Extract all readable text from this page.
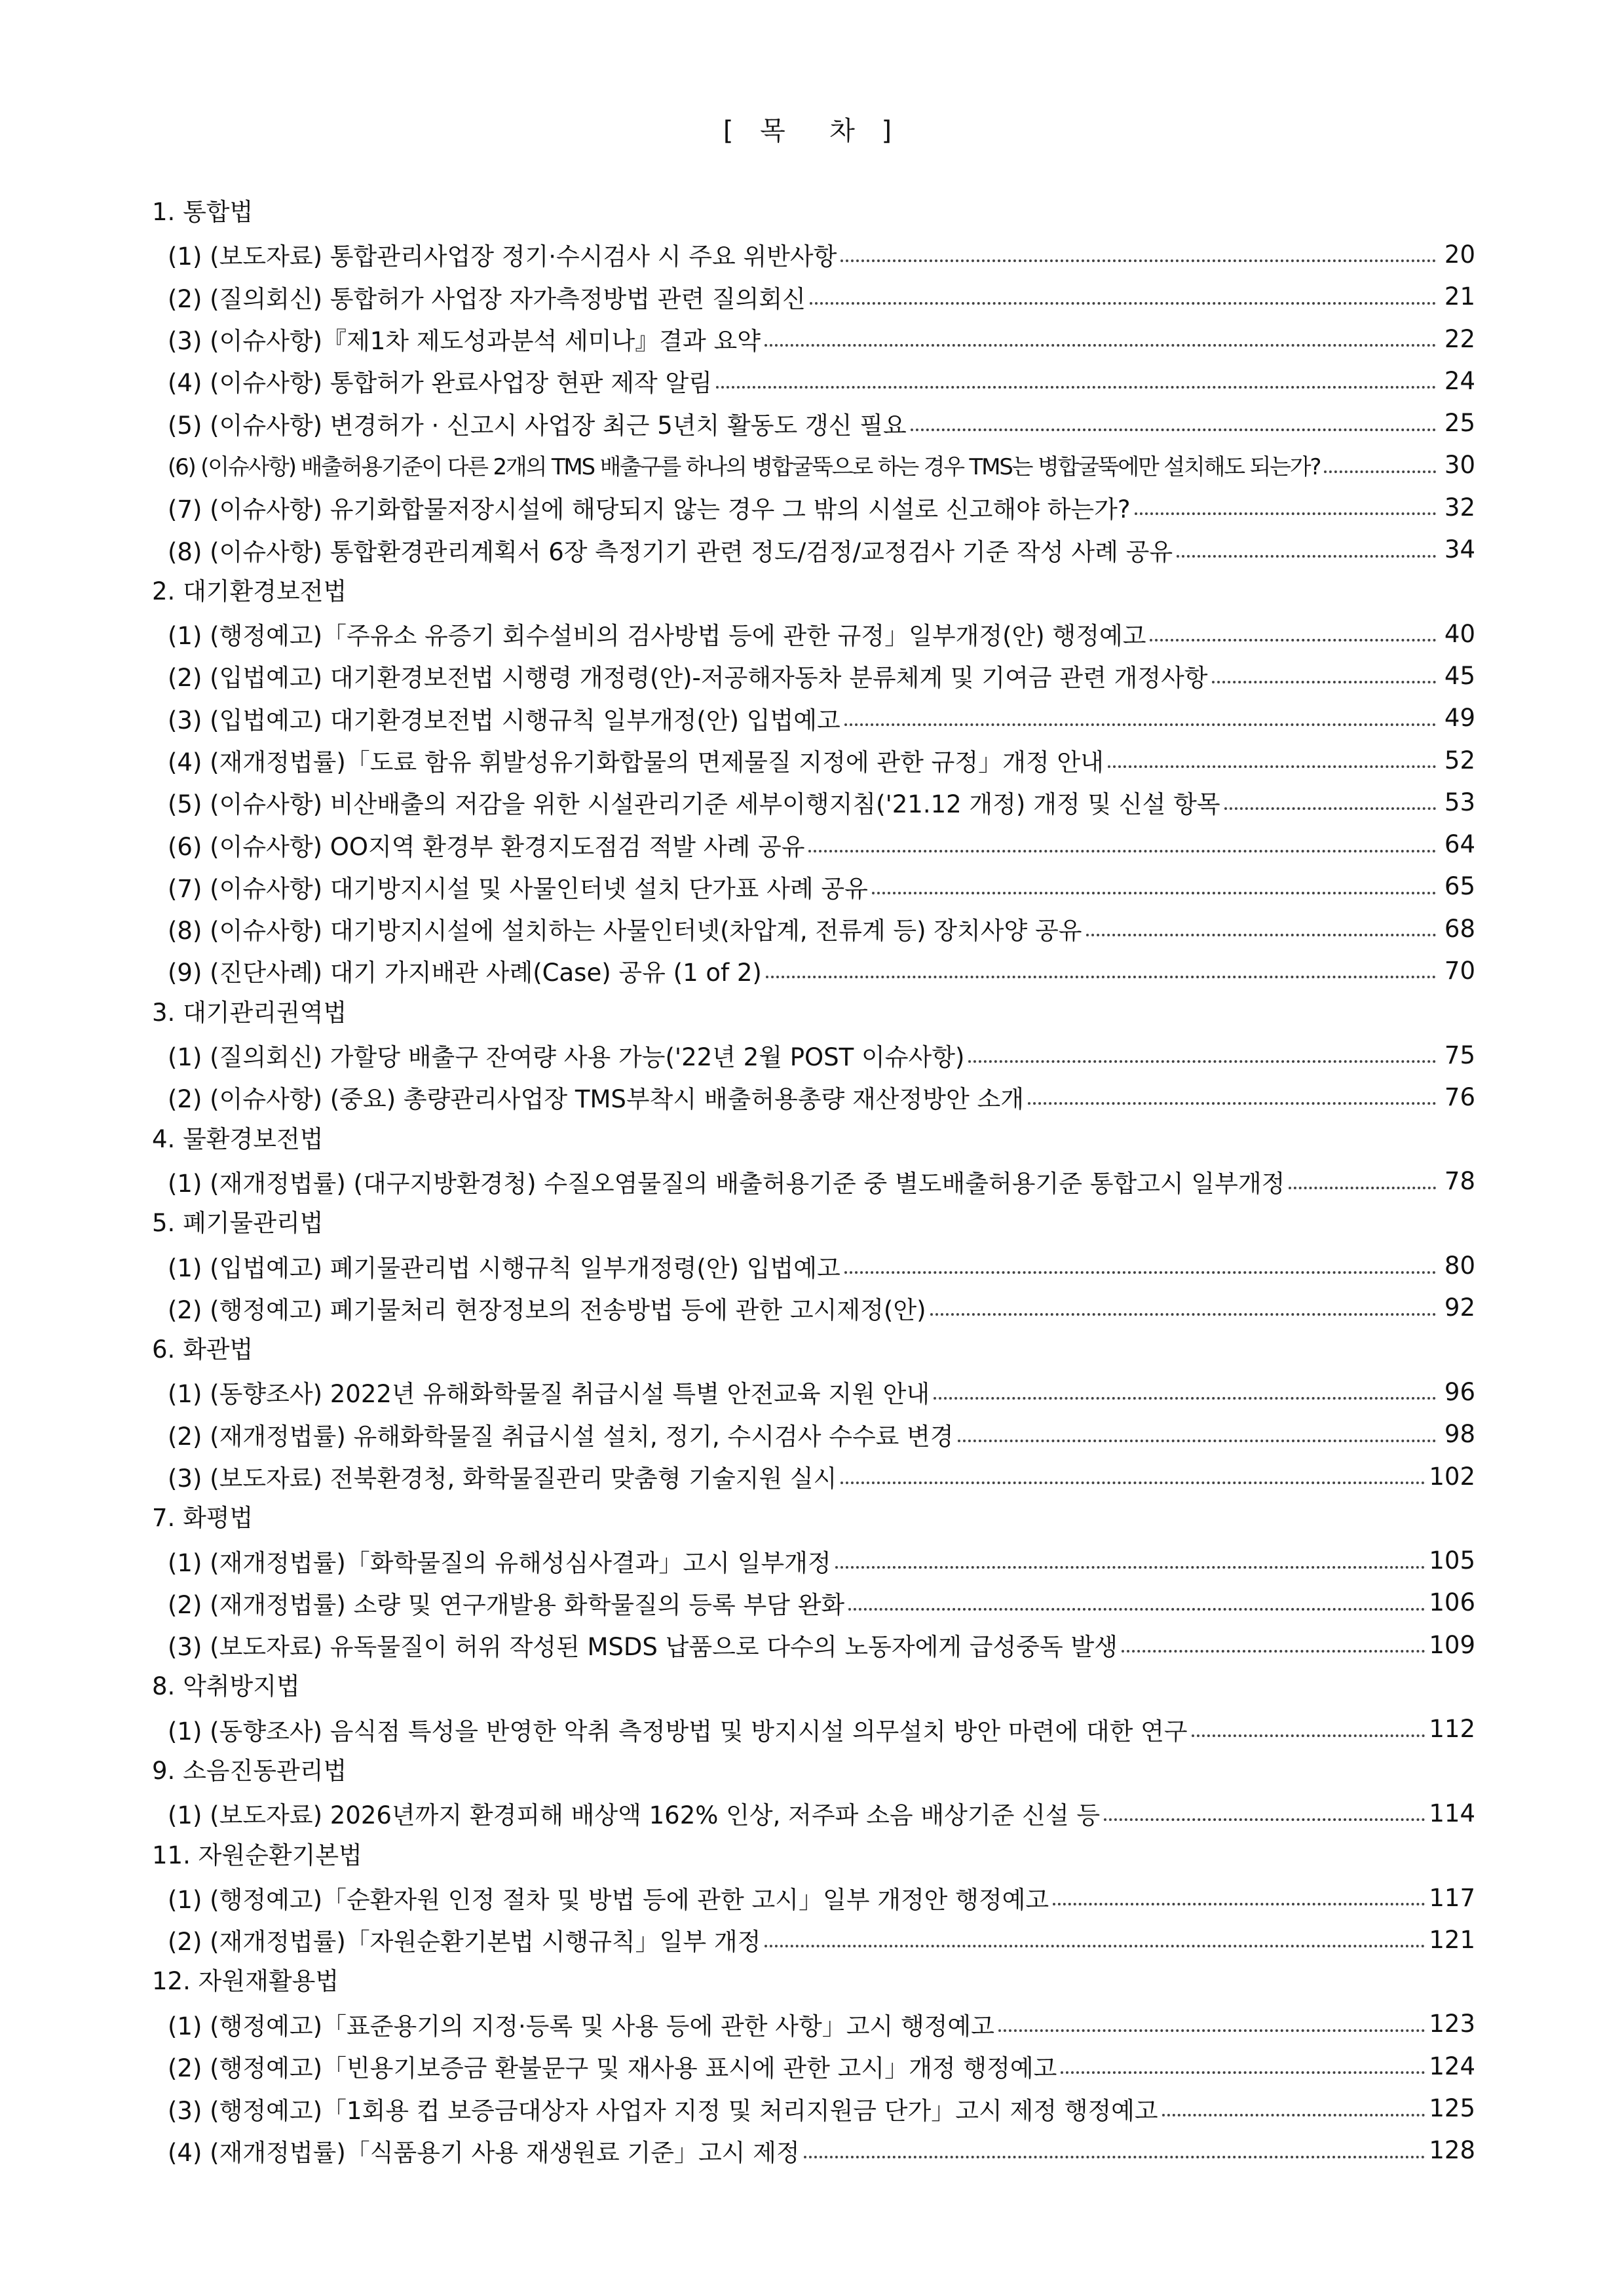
[ 목  차 ]
1. 통합법
(1) (보도자료) 통합관리사업장 정기·수시검사 시 주요 위반사항	20
(2) (질의회신) 통합허가 사업장 자가측정방법 관련 질의회신	21
(3) (이슈사항)『제1차 제도성과분석 세미나』결과 요약	22
(4) (이슈사항) 통합허가 완료사업장 현판 제작 알림	24
(5) (이슈사항) 변경허가 · 신고시 사업장 최근 5년치 활동도 갱신 필요	25
(6) (이슈사항) 배출허용기준이 다른 2개의 TMS 배출구를 하나의 병합굴뚝으로 하는 경우 TMS는 병합굴뚝에만 설치해도 되는가?	30
(7) (이슈사항) 유기화합물저장시설에 해당되지 않는 경우 그 밖의 시설로 신고해야 하는가?	32
(8) (이슈사항) 통합환경관리계획서 6장 측정기기 관련 정도/검정/교정검사 기준 작성 사례 공유	34
2. 대기환경보전법
(1) (행정예고)「주유소 유증기 회수설비의 검사방법 등에 관한 규정」일부개정(안) 행정예고	40
(2) (입법예고) 대기환경보전법 시행령 개정령(안)-저공해자동차 분류체계 및 기여금 관련 개정사항	45
(3) (입법예고) 대기환경보전법 시행규칙 일부개정(안) 입법예고	49
(4) (재개정법률)「도료 함유 휘발성유기화합물의 면제물질 지정에 관한 규정」개정 안내	52
(5) (이슈사항) 비산배출의 저감을 위한 시설관리기준 세부이행지침('21.12 개정) 개정 및 신설 항목	53
(6) (이슈사항) OO지역 환경부 환경지도점검 적발 사례 공유	64
(7) (이슈사항) 대기방지시설 및 사물인터넷 설치 단가표 사례 공유	65
(8) (이슈사항) 대기방지시설에 설치하는 사물인터넷(차압계, 전류계 등) 장치사양 공유	68
(9) (진단사례) 대기 가지배관 사례(Case) 공유 (1 of 2)	70
3. 대기관리권역법
(1) (질의회신) 가할당 배출구 잔여량 사용 가능('22년 2월 POST 이슈사항)	75
(2) (이슈사항) (중요) 총량관리사업장 TMS부착시 배출허용총량 재산정방안 소개	76
4. 물환경보전법
(1) (재개정법률) (대구지방환경청) 수질오염물질의 배출허용기준 중 별도배출허용기준 통합고시 일부개정	78
5. 폐기물관리법
(1) (입법예고) 폐기물관리법 시행규칙 일부개정령(안) 입법예고	80
(2) (행정예고) 폐기물처리 현장정보의 전송방법 등에 관한 고시제정(안)	92
6. 화관법
(1) (동향조사) 2022년 유해화학물질 취급시설 특별 안전교육 지원 안내	96
(2) (재개정법률) 유해화학물질 취급시설 설치, 정기, 수시검사 수수료 변경	98
(3) (보도자료) 전북환경청, 화학물질관리 맞춤형 기술지원 실시	102
7. 화평법
(1) (재개정법률)「화학물질의 유해성심사결과」고시 일부개정	105
(2) (재개정법률) 소량 및 연구개발용 화학물질의 등록 부담 완화	106
(3) (보도자료) 유독물질이 허위 작성된 MSDS 납품으로 다수의 노동자에게 급성중독 발생	109
8. 악취방지법
(1) (동향조사) 음식점 특성을 반영한 악취 측정방법 및 방지시설 의무설치 방안 마련에 대한 연구	112
9. 소음진동관리법
(1) (보도자료) 2026년까지 환경피해 배상액 162% 인상, 저주파 소음 배상기준 신설 등	114
11. 자원순환기본법
(1) (행정예고)「순환자원 인정 절차 및 방법 등에 관한 고시」일부 개정안 행정예고	117
(2) (재개정법률)「자원순환기본법 시행규칙」일부 개정	121
12. 자원재활용법
(1) (행정예고)「표준용기의 지정·등록 및 사용 등에 관한 사항」고시 행정예고	123
(2) (행정예고)「빈용기보증금 환불문구 및 재사용 표시에 관한 고시」개정 행정예고	124
(3) (행정예고)「1회용 컵 보증금대상자 사업자 지정 및 처리지원금 단가」고시 제정 행정예고	125
(4) (재개정법률)「식품용기 사용 재생원료 기준」고시 제정	128
